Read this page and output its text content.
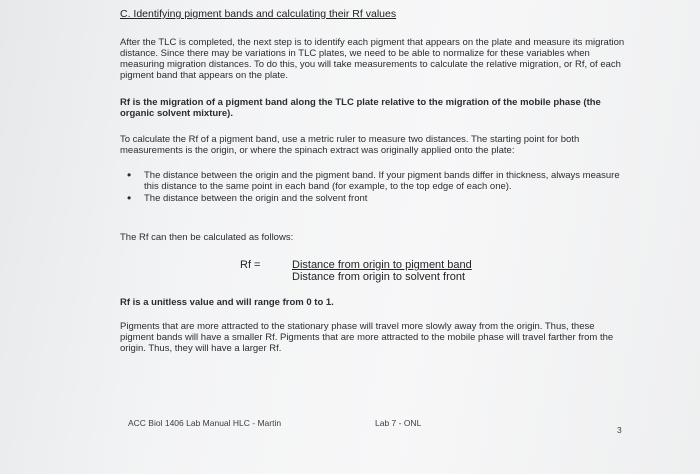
C. Identifying pigment bands and calculating their Rf values

After the TLC is completed, the next step is to identify each pigment that appears on the plate and measure its migration distance. Since there may be variations in TLC plates, we need to be able to normalize for these variables when measuring migration distances. To do this, you will take measurements to calculate the relative migration, or Rf, of each pigment band that appears on the plate.

Rf is the migration of a pigment band along the TLC plate relative to the migration of the mobile phase (the organic solvent mixture).

To calculate the Rf of a pigment band, use a metric ruler to measure two distances. The starting point for both measurements is the origin, or where the spinach extract was originally applied onto the plate:

• The distance between the origin and the pigment band. If your pigment bands differ in thickness, always measure this distance to the same point in each band (for example, to the top edge of each one).
• The distance between the origin and the solvent front

The Rf can then be calculated as follows:

Rf =	Distance from origin to pigment band
Distance from origin to solvent front

Rf is a unitless value and will range from 0 to 1.

Pigments that are more attracted to the stationary phase will travel more slowly away from the origin. Thus, these pigment bands will have a smaller Rf. Pigments that are more attracted to the mobile phase will travel farther from the origin. Thus, they will have a larger Rf.

ACC Biol 1406 Lab Manual HLC - Martin	Lab 7 - ONL
3
